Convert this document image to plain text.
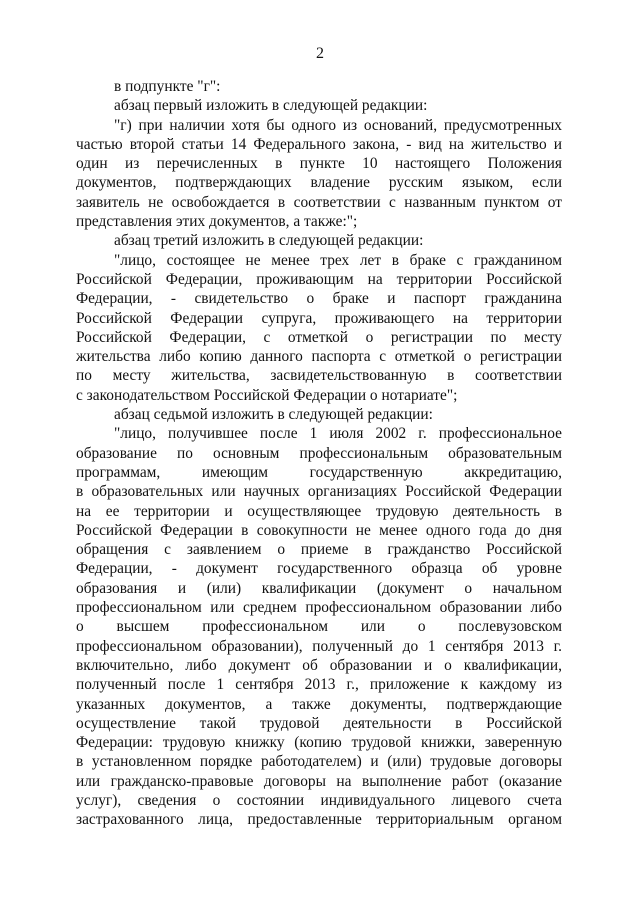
2
в подпункте "г":
абзац первый изложить в следующей редакции:
"г) при наличии хотя бы одного из оснований, предусмотренных
частью второй статьи 14 Федерального закона, - вид на жительство и
один из перечисленных в пункте 10 настоящего Положения
документов, подтверждающих владение русским языком, если
заявитель не освобождается в соответствии с названным пунктом от
представления этих документов, а также:";
абзац третий изложить в следующей редакции:
"лицо, состоящее не менее трех лет в браке с гражданином
Российской Федерации, проживающим на территории Российской
Федерации, - свидетельство о браке и паспорт гражданина
Российской Федерации супруга, проживающего на территории
Российской Федерации, с отметкой о регистрации по месту
жительства либо копию данного паспорта с отметкой о регистрации
по месту жительства, засвидетельствованную в соответствии
с законодательством Российской Федерации о нотариате";
абзац седьмой изложить в следующей редакции:
"лицо, получившее после 1 июля 2002 г. профессиональное
образование по основным профессиональным образовательным
программам, имеющим государственную аккредитацию,
в образовательных или научных организациях Российской Федерации
на ее территории и осуществляющее трудовую деятельность в
Российской Федерации в совокупности не менее одного года до дня
обращения с заявлением о приеме в гражданство Российской
Федерации, - документ государственного образца об уровне
образования и (или) квалификации (документ о начальном
профессиональном или среднем профессиональном образовании либо
о высшем профессиональном или о послевузовском
профессиональном образовании), полученный до 1 сентября 2013 г.
включительно, либо документ об образовании и о квалификации,
полученный после 1 сентября 2013 г., приложение к каждому из
указанных документов, а также документы, подтверждающие
осуществление такой трудовой деятельности в Российской
Федерации: трудовую книжку (копию трудовой книжки, заверенную
в установленном порядке работодателем) и (или) трудовые договоры
или гражданско-правовые договоры на выполнение работ (оказание
услуг), сведения о состоянии индивидуального лицевого счета
застрахованного лица, предоставленные территориальным органом
